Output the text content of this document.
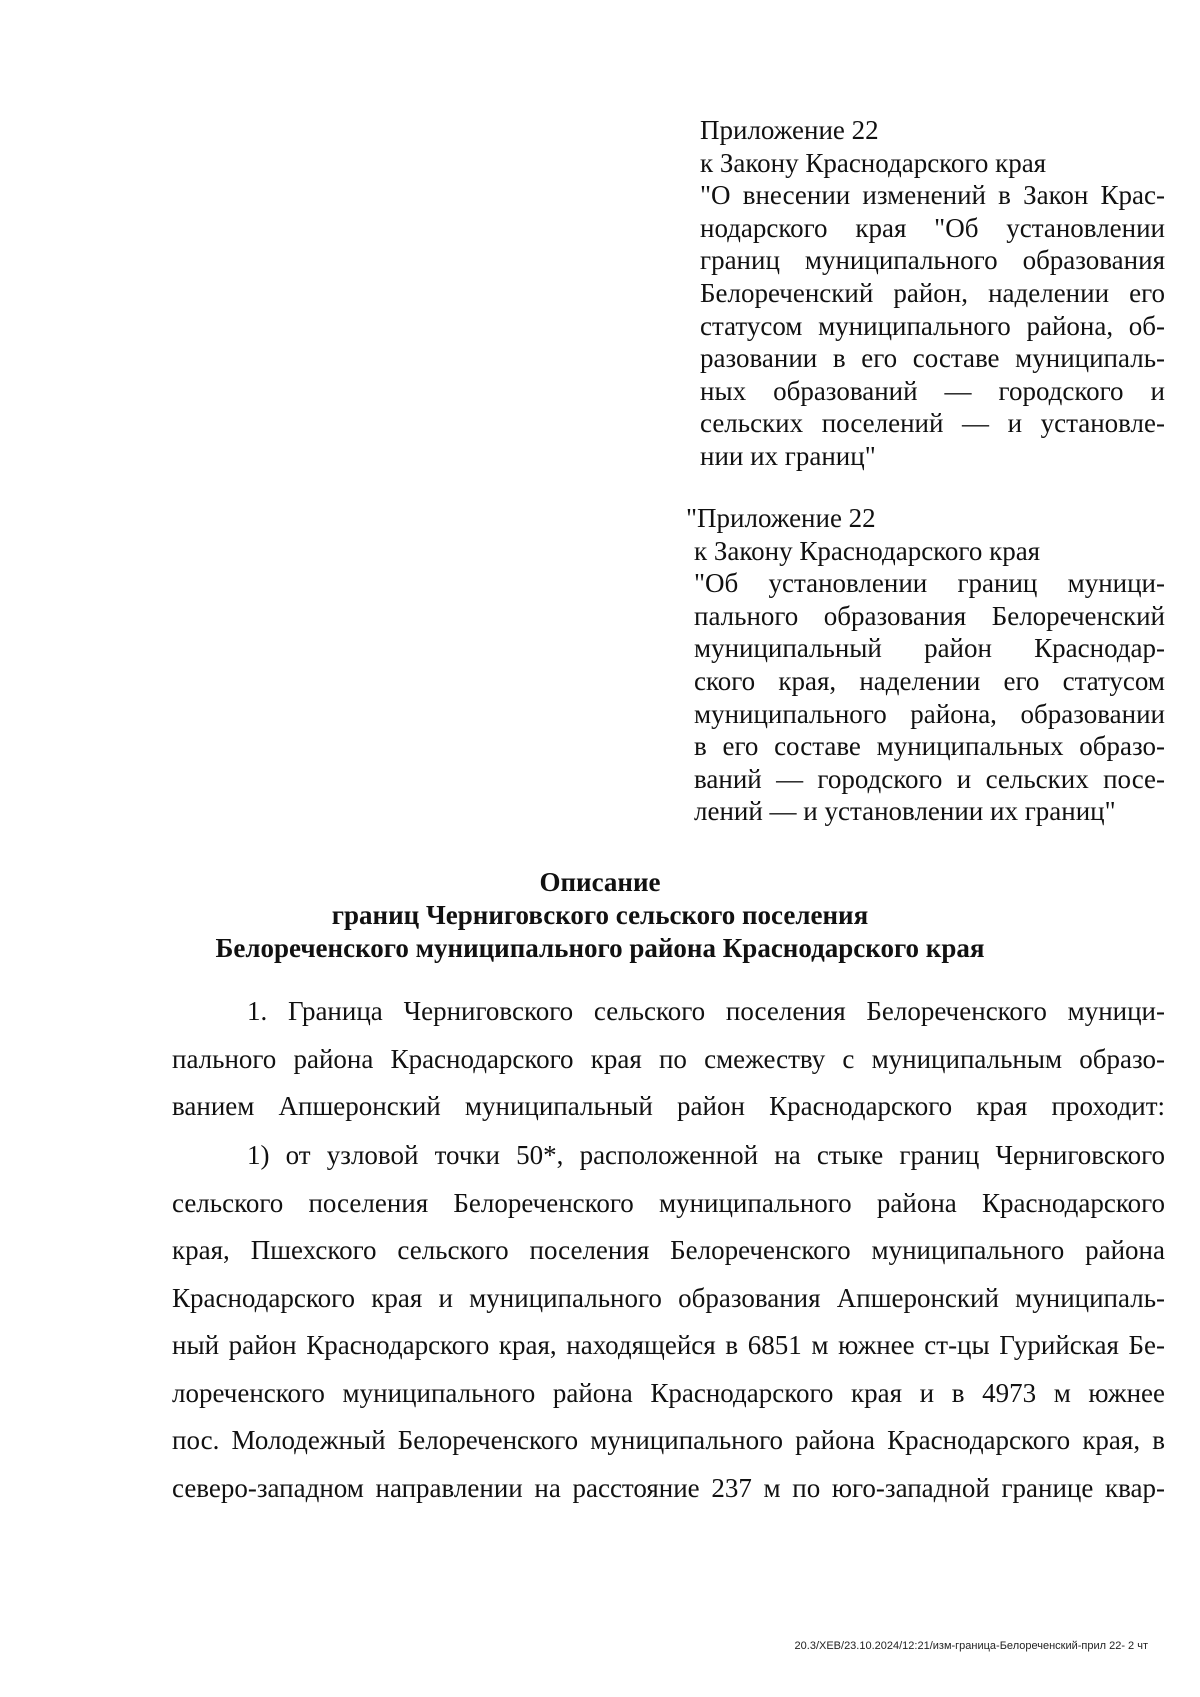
Приложение 22
к Закону Краснодарского края
"О внесении изменений в Закон Крас-
нодарского края "Об установлении
границ муниципального образования
Белореченский район, наделении его
статусом муниципального района, об-
разовании в его составе муниципаль-
ных образований — городского и
сельских поселений — и установле-
нии их границ"
"Приложение 22
к Закону Краснодарского края
"Об установлении границ муници-
пального образования Белореченский
муниципальный район Краснодар-
ского края, наделении его статусом
муниципального района, образовании
в его составе муниципальных образо-
ваний — городского и сельских посе-
лений — и установлении их границ"
Описание
границ Черниговского сельского поселения
Белореченского муниципального района Краснодарского края
1. Граница Черниговского сельского поселения Белореченского муници-
пального района Краснодарского края по смежеству с муниципальным образо-
ванием Апшеронский муниципальный район Краснодарского края проходит:
1) от узловой точки 50*, расположенной на стыке границ Черниговского
сельского поселения Белореченского муниципального района Краснодарского
края, Пшехского сельского поселения Белореченского муниципального района
Краснодарского края и муниципального образования Апшеронский муниципаль-
ный район Краснодарского края, находящейся в 6851 м южнее ст-цы Гурийская Бе-
лореченского муниципального района Краснодарского края и в 4973 м южнее
пос. Молодежный Белореченского муниципального района Краснодарского края, в
северо-западном направлении на расстояние 237 м по юго-западной границе квар-
20.3/ХЕВ/23.10.2024/12:21/изм-граница-Белореченский-прил 22- 2 чт
